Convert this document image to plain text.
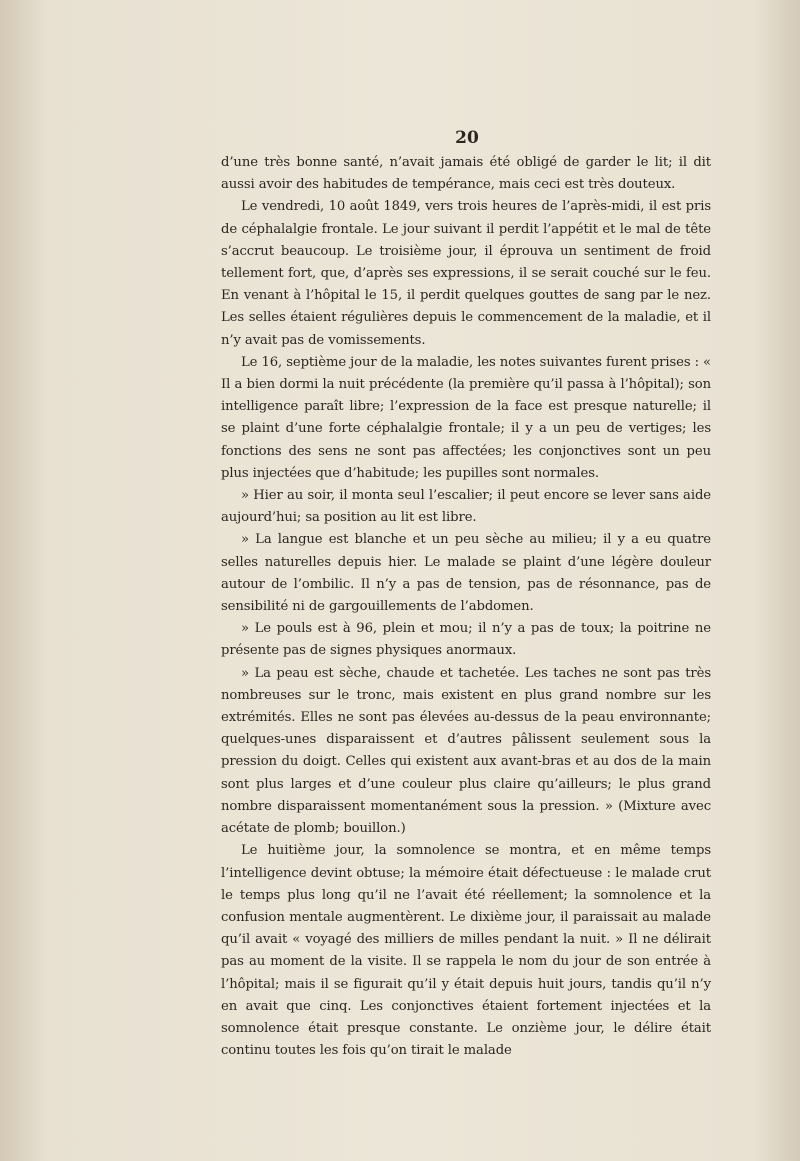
20

d’une très bonne santé, n’avait jamais été obligé de garder le lit; il dit aussi avoir des habitudes de tempérance, mais ceci est très douteux.

Le vendredi, 10 août 1849, vers trois heures de l’après-midi, il est pris de céphalalgie frontale. Le jour suivant il perdit l’appétit et le mal de tête s’accrut beaucoup. Le troisième jour, il éprouva un sentiment de froid tellement fort, que, d’après ses expressions, il se serait couché sur le feu. En venant à l’hôpital le 15, il perdit quelques gouttes de sang par le nez. Les selles étaient régulières depuis le commencement de la maladie, et il n’y avait pas de vomissements.

Le 16, septième jour de la maladie, les notes suivantes furent prises : « Il a bien dormi la nuit précédente (la première qu’il passa à l’hôpital); son intelligence paraît libre; l’expression de la face est presque naturelle; il se plaint d’une forte céphalalgie frontale; il y a un peu de vertiges; les fonctions des sens ne sont pas affectées; les conjonctives sont un peu plus injectées que d’habitude; les pupilles sont normales.

» Hier au soir, il monta seul l’escalier; il peut encore se lever sans aide aujourd’hui; sa position au lit est libre.

» La langue est blanche et un peu sèche au milieu; il y a eu quatre selles naturelles depuis hier. Le malade se plaint d’une légère douleur autour de l’ombilic. Il n’y a pas de tension, pas de résonnance, pas de sensibilité ni de gargouillements de l’abdomen.

» Le pouls est à 96, plein et mou; il n’y a pas de toux; la poitrine ne présente pas de signes physiques anormaux.

» La peau est sèche, chaude et tachetée. Les taches ne sont pas très nombreuses sur le tronc, mais existent en plus grand nombre sur les extrémités. Elles ne sont pas élevées au-dessus de la peau environnante; quelques-unes disparaissent et d’autres pâlissent seulement sous la pression du doigt. Celles qui existent aux avant-bras et au dos de la main sont plus larges et d’une couleur plus claire qu’ailleurs; le plus grand nombre disparaissent momentanément sous la pression. » (Mixture avec acétate de plomb; bouillon.)

Le huitième jour, la somnolence se montra, et en même temps l’intelligence devint obtuse; la mémoire était défectueuse : le malade crut le temps plus long qu’il ne l’avait été réellement; la somnolence et la confusion mentale augmentèrent. Le dixième jour, il paraissait au malade qu’il avait « voyagé des milliers de milles pendant la nuit. » Il ne délirait pas au moment de la visite. Il se rappela le nom du jour de son entrée à l’hôpital; mais il se figurait qu’il y était depuis huit jours, tandis qu’il n’y en avait que cinq. Les conjonctives étaient fortement injectées et la somnolence était presque constante. Le onzième jour, le délire était continu toutes les fois qu’on tirait le malade
